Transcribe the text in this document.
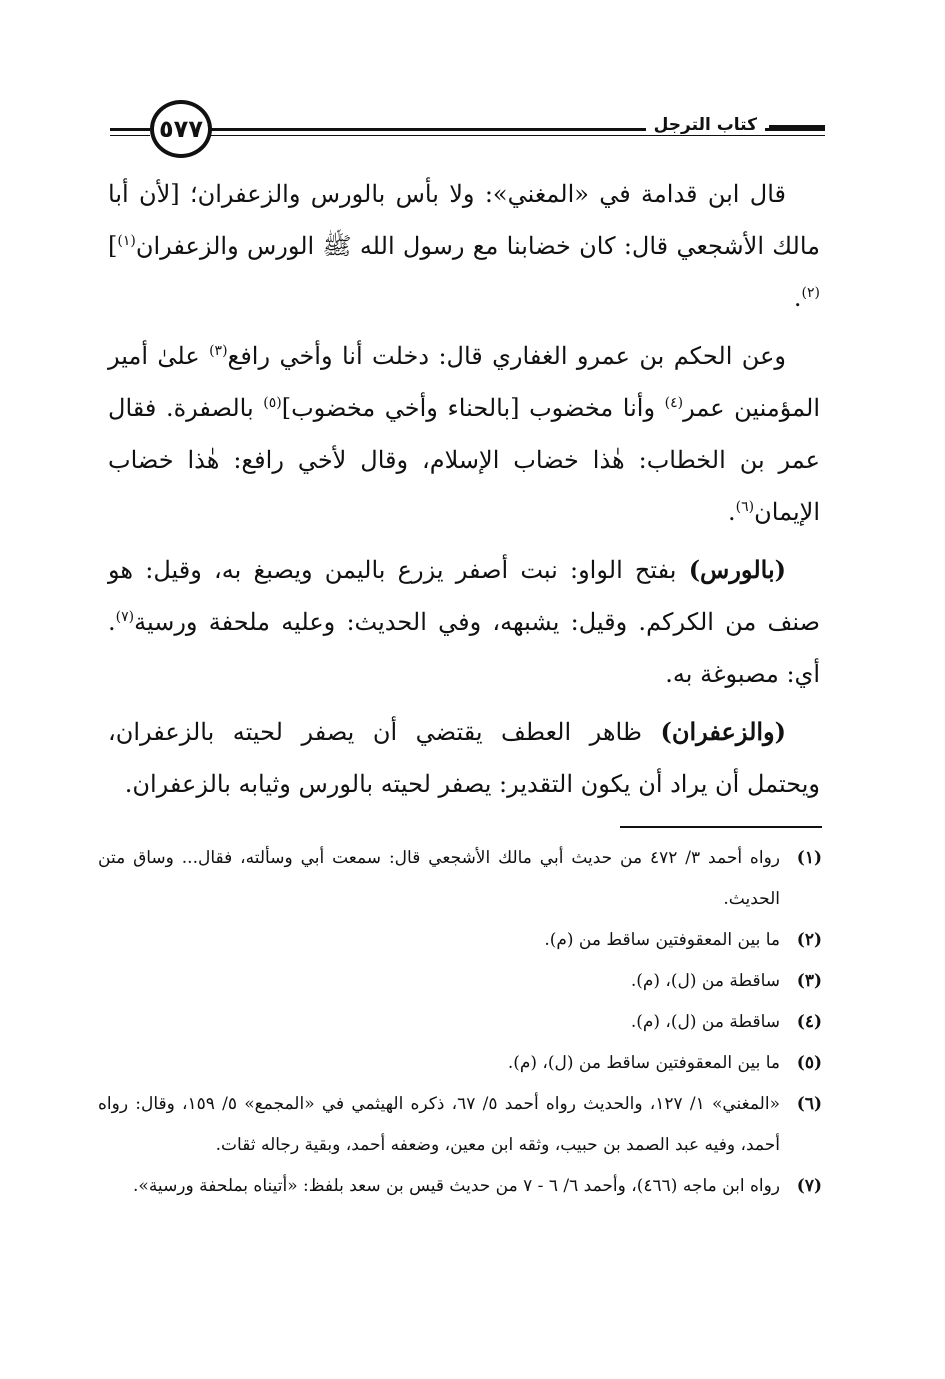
٥٧٧	كتاب الترجل

قال ابن قدامة في «المغني»: ولا بأس بالورس والزعفران؛ [لأن أبا مالك الأشجعي قال: كان خضابنا مع رسول الله ﷺ الورس والزعفران$^{(١)}$]$^{(٢)}$.

وعن الحكم بن عمرو الغفاري قال: دخلت أنا وأخي رافع$^{(٣)}$ علىٰ أمير المؤمنين عمر$^{(٤)}$ وأنا مخضوب [بالحناء وأخي مخضوب]$^{(٥)}$ بالصفرة. فقال عمر بن الخطاب: هٰذا خضاب الإسلام، وقال لأخي رافع: هٰذا خضاب الإيمان$^{(٦)}$.

(بالورس) بفتح الواو: نبت أصفر يزرع باليمن ويصبغ به، وقيل: هو صنف من الكركم. وقيل: يشبهه، وفي الحديث: وعليه ملحفة ورسية$^{(٧)}$. أي: مصبوغة به.

(والزعفران) ظاهر العطف يقتضي أن يصفر لحيته بالزعفران، ويحتمل أن يراد أن يكون التقدير: يصفر لحيته بالورس وثيابه بالزعفران.

(١)
رواه أحمد ٣/ ٤٧٢ من حديث أبي مالك الأشجعي قال: سمعت أبي وسألته، فقال... وساق متن الحديث.
(٢)
ما بين المعقوفتين ساقط من (م).
(٣)
ساقطة من (ل)، (م).
(٤)
ساقطة من (ل)، (م).
(٥)
ما بين المعقوفتين ساقط من (ل)، (م).
(٦)
«المغني» ١/ ١٢٧، والحديث رواه أحمد ٥/ ٦٧، ذكره الهيثمي في «المجمع» ٥/ ١٥٩، وقال: رواه أحمد، وفيه عبد الصمد بن حبيب، وثقه ابن معين، وضعفه أحمد، وبقية رجاله ثقات.
(٧)
رواه ابن ماجه (٤٦٦)، وأحمد ٦/ ٦ - ٧ من حديث قيس بن سعد بلفظ: «أتيناه بملحفة ورسية».
